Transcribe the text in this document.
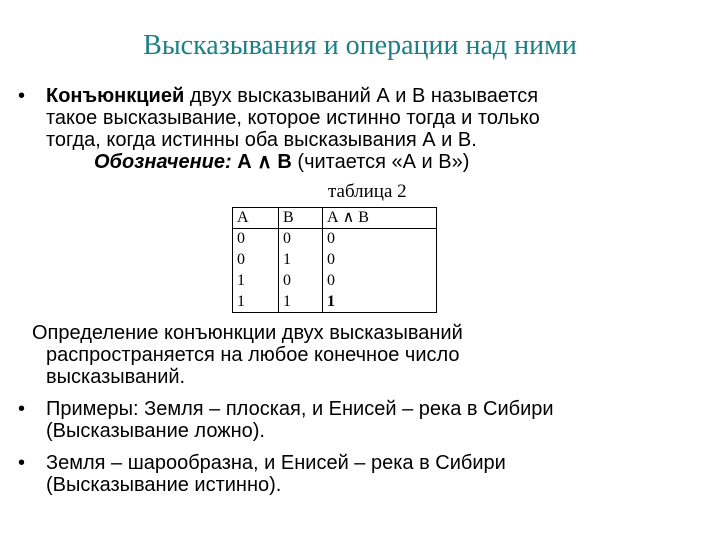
Высказывания и операции над ними
• Конъюнкцией двух высказываний А и В называется
такое высказывание, которое истинно тогда и только
тогда, когда истинны оба высказывания А и В.
Обозначение: А ∧ В (читается «А и В»)
таблица 2
А	В	А ∧ В
0	0	0
0	1	0
1	0	0
1	1	1
Определение конъюнкции двух высказываний
распространяется на любое конечное число
высказываний.
• Примеры: Земля – плоская, и Енисей – река в Сибири
(Высказывание ложно).
• Земля – шарообразна, и Енисей – река в Сибири
(Высказывание истинно).
